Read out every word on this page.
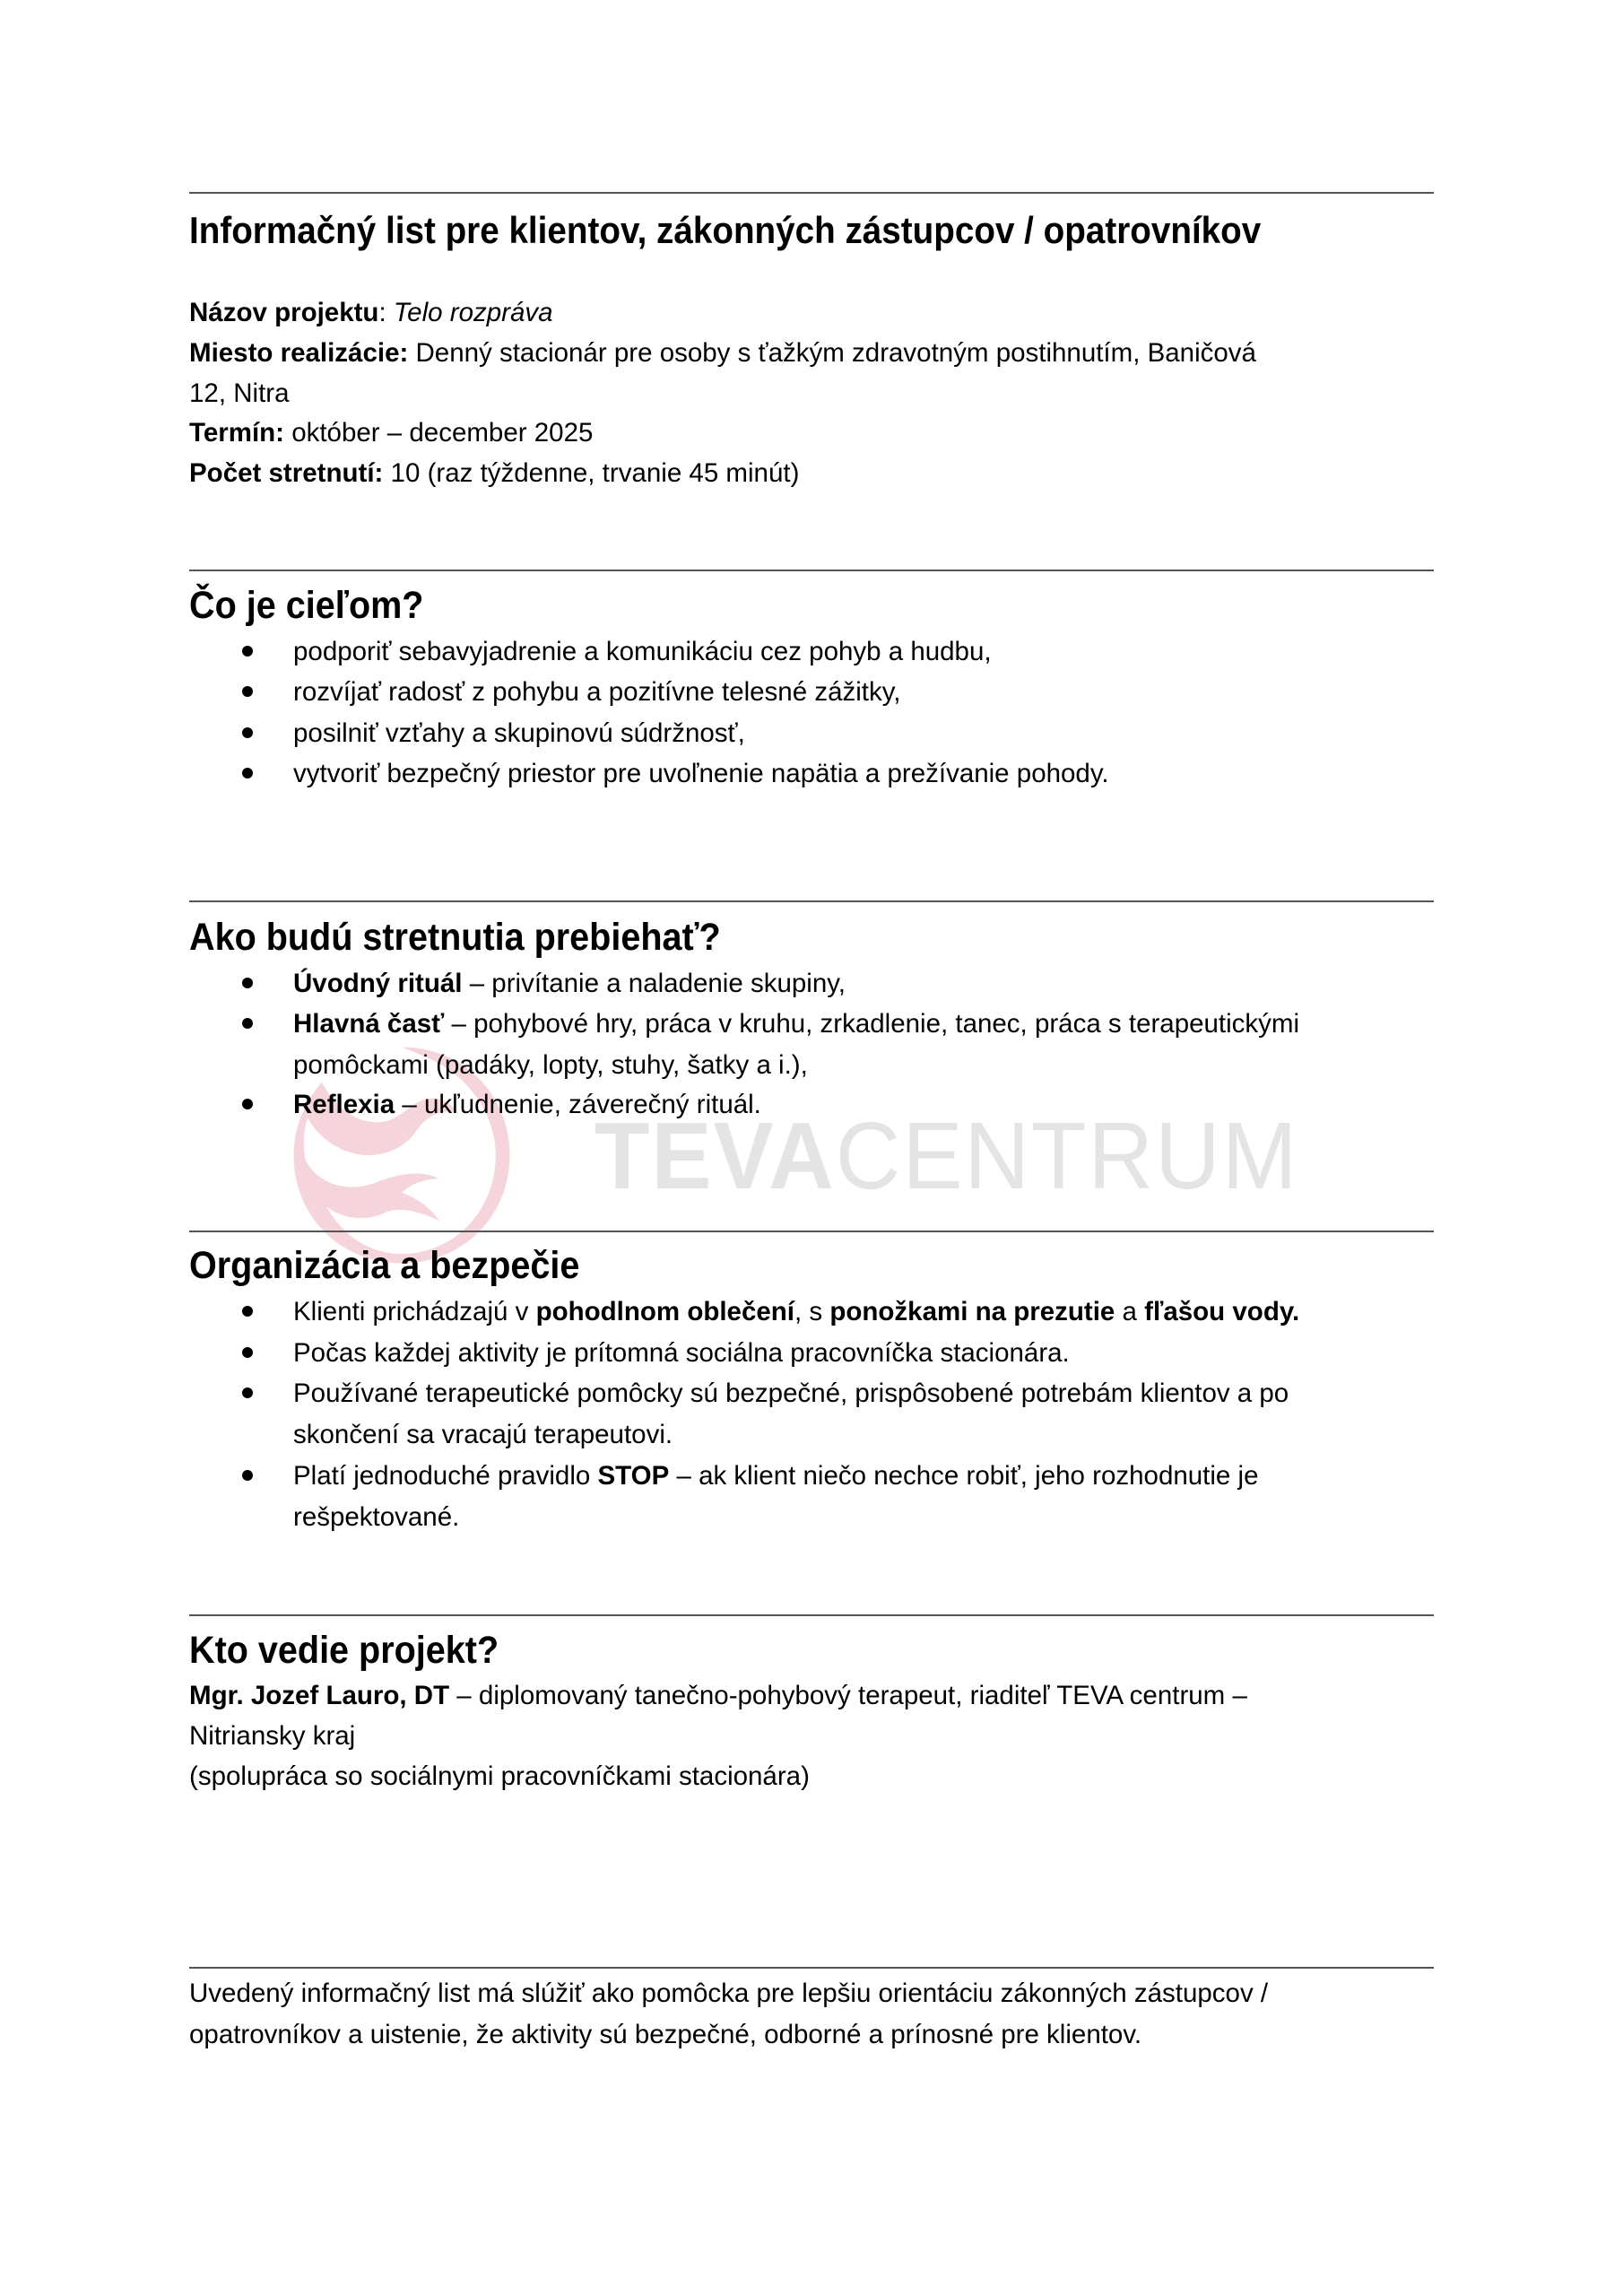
TEVACENTRUM
Informačný list pre klientov, zákonných zástupcov / opatrovníkov
Názov projektu: Telo rozpráva
Miesto realizácie: Denný stacionár pre osoby s ťažkým zdravotným postihnutím, Baničová
12, Nitra
Termín: október – december 2025
Počet stretnutí: 10 (raz týždenne, trvanie 45 minút)
Čo je cieľom?
podporiť sebavyjadrenie a komunikáciu cez pohyb a hudbu,
rozvíjať radosť z pohybu a pozitívne telesné zážitky,
posilniť vzťahy a skupinovú súdržnosť,
vytvoriť bezpečný priestor pre uvoľnenie napätia a prežívanie pohody.
Ako budú stretnutia prebiehať?
Úvodný rituál – privítanie a naladenie skupiny,
Hlavná časť – pohybové hry, práca v kruhu, zrkadlenie, tanec, práca s terapeutickými
pomôckami (padáky, lopty, stuhy, šatky a i.),
Reflexia – ukľudnenie, záverečný rituál.
Organizácia a bezpečie
Klienti prichádzajú v pohodlnom oblečení, s ponožkami na prezutie a fľašou vody.
Počas každej aktivity je prítomná sociálna pracovníčka stacionára.
Používané terapeutické pomôcky sú bezpečné, prispôsobené potrebám klientov a po
skončení sa vracajú terapeutovi.
Platí jednoduché pravidlo STOP – ak klient niečo nechce robiť, jeho rozhodnutie je
rešpektované.
Kto vedie projekt?
Mgr. Jozef Lauro, DT – diplomovaný tanečno-pohybový terapeut, riaditeľ TEVA centrum –
Nitriansky kraj
(spolupráca so sociálnymi pracovníčkami stacionára)
Uvedený informačný list má slúžiť ako pomôcka pre lepšiu orientáciu zákonných zástupcov /
opatrovníkov a uistenie, že aktivity sú bezpečné, odborné a prínosné pre klientov.
